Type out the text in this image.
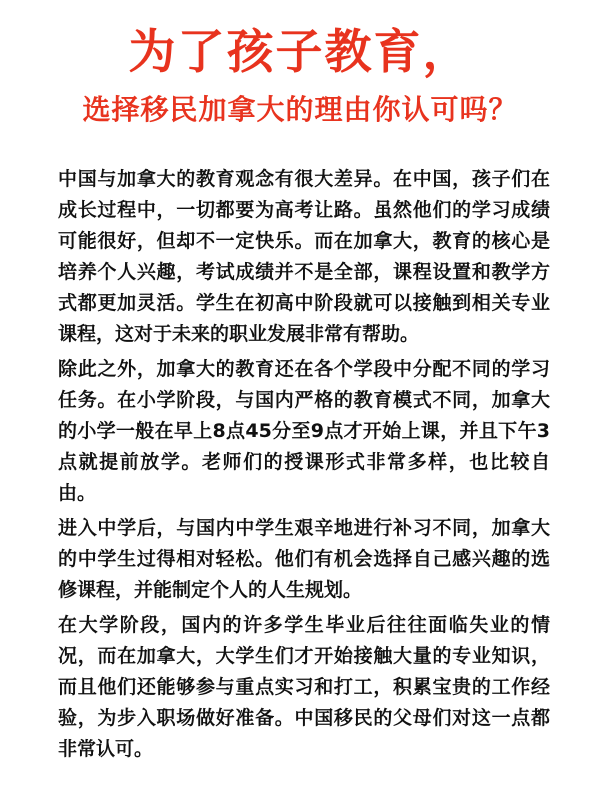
为了孩子教育，
选择移民加拿大的理由你认可吗？

中国与加拿大的教育观念有很大差异。在中国，孩子们在成长过程中，一切都要为高考让路。虽然他们的学习成绩可能很好，但却不一定快乐。而在加拿大，教育的核心是培养个人兴趣，考试成绩并不是全部，课程设置和教学方式都更加灵活。学生在初高中阶段就可以接触到相关专业课程，这对于未来的职业发展非常有帮助。

除此之外，加拿大的教育还在各个学段中分配不同的学习任务。在小学阶段，与国内严格的教育模式不同，加拿大的小学一般在早上8点45分至9点才开始上课，并且下午3点就提前放学。老师们的授课形式非常多样，也比较自由。

进入中学后，与国内中学生艰辛地进行补习不同，加拿大的中学生过得相对轻松。他们有机会选择自己感兴趣的选修课程，并能制定个人的人生规划。

在大学阶段，国内的许多学生毕业后往往面临失业的情况，而在加拿大，大学生们才开始接触大量的专业知识，而且他们还能够参与重点实习和打工，积累宝贵的工作经验，为步入职场做好准备。中国移民的父母们对这一点都非常认可。
